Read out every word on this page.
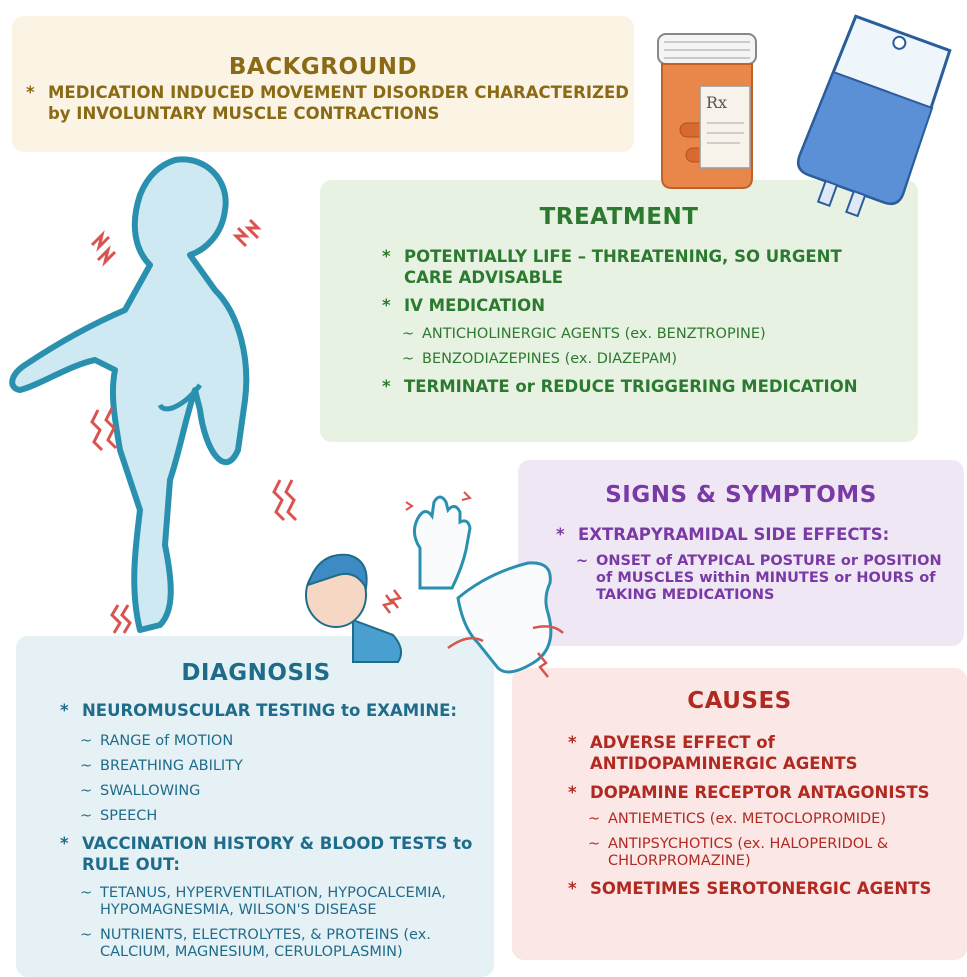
BACKGROUND
* MEDICATION INDUCED MOVEMENT DISORDER CHARACTERIZED by INVOLUNTARY MUSCLE CONTRACTIONS
TREATMENT
* POTENTIALLY LIFE – THREATENING, SO URGENT CARE ADVISABLE
* IV MEDICATION
~ ANTICHOLINERGIC AGENTS (ex. BENZTROPINE)
~ BENZODIAZEPINES (ex. DIAZEPAM)
* TERMINATE or REDUCE TRIGGERING MEDICATION
SIGNS & SYMPTOMS
* EXTRAPYRAMIDAL SIDE EFFECTS:
~ ONSET of ATYPICAL POSTURE or POSITION of MUSCLES within MINUTES or HOURS of TAKING MEDICATIONS
DIAGNOSIS
* NEUROMUSCULAR TESTING to EXAMINE:
~ RANGE of MOTION
~ BREATHING ABILITY
~ SWALLOWING
~ SPEECH
* VACCINATION HISTORY & BLOOD TESTS to RULE OUT:
~ TETANUS, HYPERVENTILATION, HYPOCALCEMIA, HYPOMAGNESMIA, WILSON'S DISEASE
~ NUTRIENTS, ELECTROLYTES, & PROTEINS (ex. CALCIUM, MAGNESIUM, CERULOPLASMIN)
CAUSES
* ADVERSE EFFECT of ANTIDOPAMINERGIC AGENTS
* DOPAMINE RECEPTOR ANTAGONISTS
~ ANTIEMETICS (ex. METOCLOPROMIDE)
~ ANTIPSYCHOTICS (ex. HALOPERIDOL & CHLORPROMAZINE)
* SOMETIMES SEROTONERGIC AGENTS
Rx
